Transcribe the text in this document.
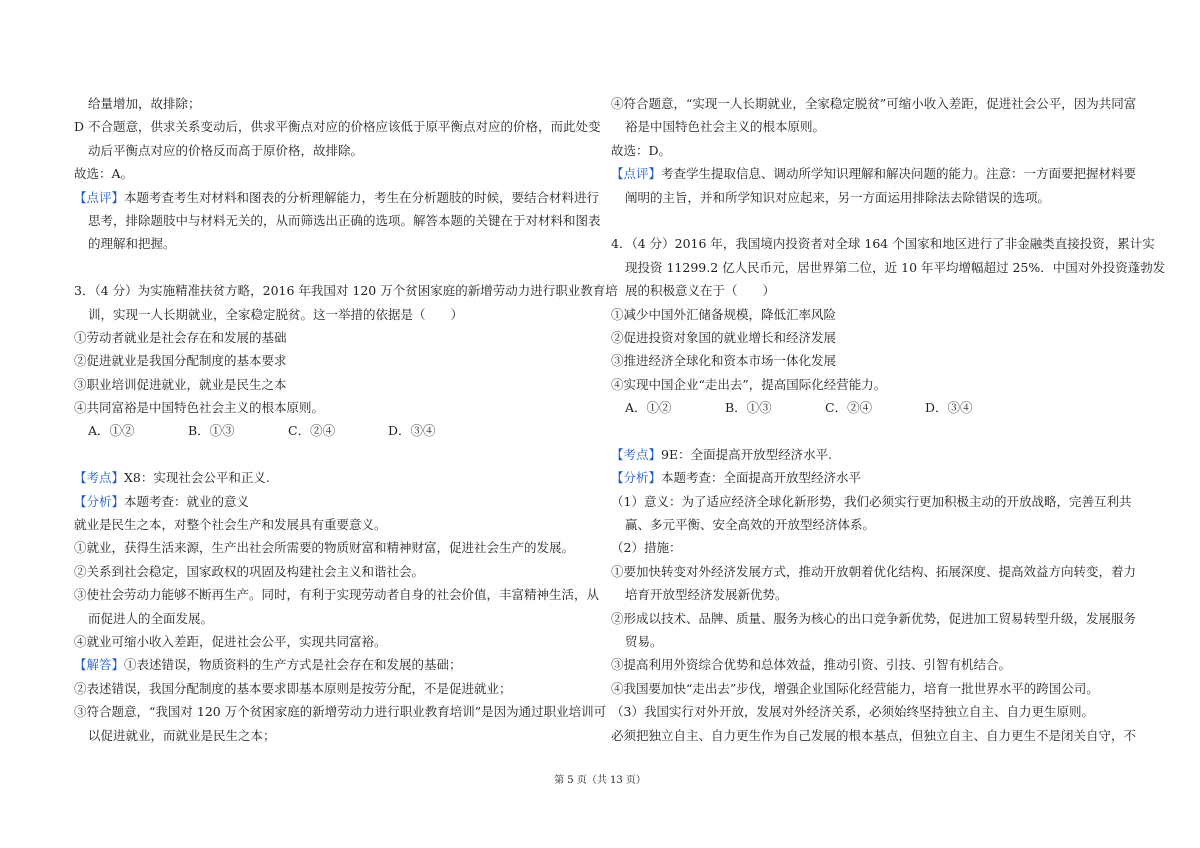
给量增加，故排除；
D 不合题意，供求关系变动后，供求平衡点对应的价格应该低于原平衡点对应的价格，而此处变
动后平衡点对应的价格反而高于原价格，故排除。
故选：A。
【点评】本题考查考生对材料和图表的分析理解能力，考生在分析题肢的时候，要结合材料进行
思考，排除题肢中与材料无关的，从而筛选出正确的选项。解答本题的关键在于对材料和图表
的理解和把握。
3．（4 分）为实施精准扶贫方略，2016 年我国对 120 万个贫困家庭的新增劳动力进行职业教育培
训，实现一人长期就业，全家稳定脱贫。这一举措的依据是（　　）
①劳动者就业是社会存在和发展的基础
②促进就业是我国分配制度的基本要求
③职业培训促进就业，就业是民生之本
④共同富裕是中国特色社会主义的根本原则。
A．①②	B．①③	C．②④	D．③④
【考点】X8：实现社会公平和正义.
【分析】本题考查：就业的意义
就业是民生之本，对整个社会生产和发展具有重要意义。
①就业，获得生活来源，生产出社会所需要的物质财富和精神财富，促进社会生产的发展。
②关系到社会稳定，国家政权的巩固及构建社会主义和谐社会。
③使社会劳动力能够不断再生产。同时，有利于实现劳动者自身的社会价值，丰富精神生活，从
而促进人的全面发展。
④就业可缩小收入差距，促进社会公平，实现共同富裕。
【解答】①表述错误，物质资料的生产方式是社会存在和发展的基础；
②表述错误，我国分配制度的基本要求即基本原则是按劳分配，不是促进就业；
③符合题意，“我国对 120 万个贫困家庭的新增劳动力进行职业教育培训”是因为通过职业培训可
以促进就业，而就业是民生之本；
④符合题意，“实现一人长期就业，全家稳定脱贫”可缩小收入差距，促进社会公平，因为共同富
裕是中国特色社会主义的根本原则。
故选：D。
【点评】考查学生提取信息、调动所学知识理解和解决问题的能力。注意：一方面要把握材料要
阐明的主旨，并和所学知识对应起来，另一方面运用排除法去除错误的选项。
4．（4 分）2016 年，我国境内投资者对全球 164 个国家和地区进行了非金融类直接投资，累计实
现投资 11299.2 亿人民币元，居世界第二位，近 10 年平均增幅超过 25%．中国对外投资蓬勃发
展的积极意义在于（　　）
①减少中国外汇储备规模，降低汇率风险
②促进投资对象国的就业增长和经济发展
③推进经济全球化和资本市场一体化发展
④实现中国企业“走出去”，提高国际化经营能力。
A．①②	B．①③	C．②④	D．③④
【考点】9E：全面提高开放型经济水平.
【分析】本题考查：全面提高开放型经济水平
（1）意义：为了适应经济全球化新形势，我们必须实行更加积极主动的开放战略，完善互利共
赢、多元平衡、安全高效的开放型经济体系。
（2）措施：
①要加快转变对外经济发展方式，推动开放朝着优化结构、拓展深度、提高效益方向转变，着力
培育开放型经济发展新优势。
②形成以技术、品牌、质量、服务为核心的出口竞争新优势，促进加工贸易转型升级，发展服务
贸易。
③提高利用外资综合优势和总体效益，推动引资、引技、引智有机结合。
④我国要加快“走出去”步伐，增强企业国际化经营能力，培育一批世界水平的跨国公司。
（3）我国实行对外开放，发展对外经济关系，必须始终坚持独立自主、自力更生原则。
必须把独立自主、自力更生作为自己发展的根本基点，但独立自主、自力更生不是闭关自守，不
第 5 页（共 13 页）
